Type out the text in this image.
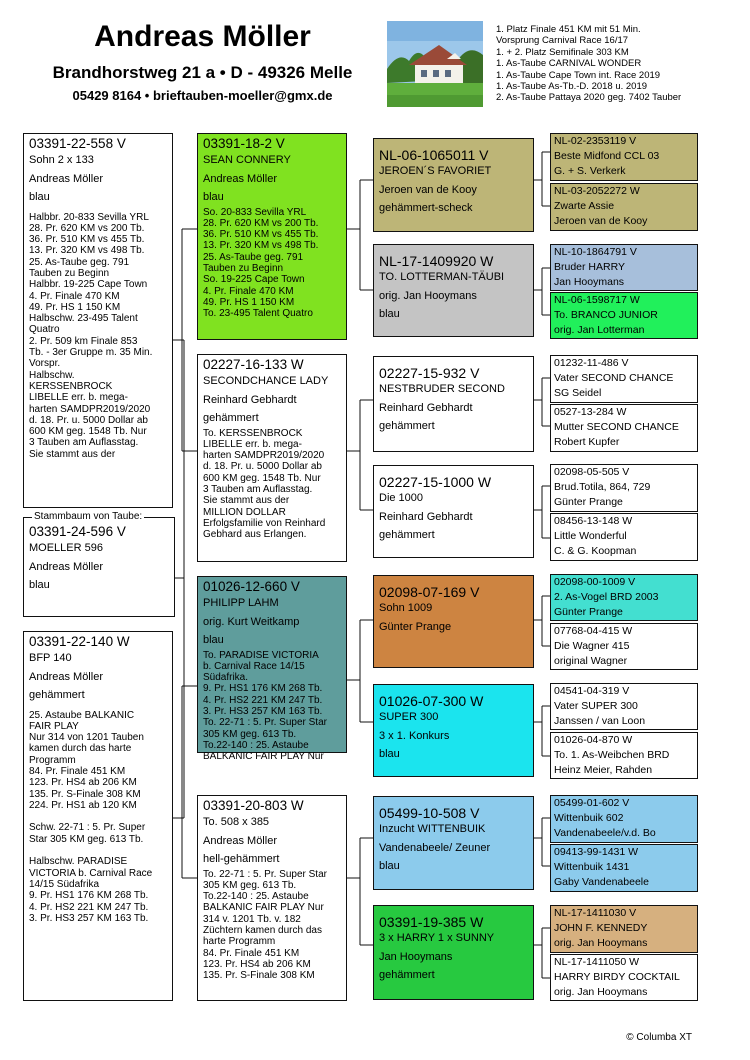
Andreas Möller
Brandhorstweg 21 a • D - 49326 Melle
05429 8164 • brieftauben-moeller@gmx.de
1. Platz Finale 451 KM mit 51 Min.
Vorsprung Carnival Race 16/17
1. + 2. Platz Semifinale 303 KM
1. As-Taube CARNIVAL WONDER
1. As-Taube Cape Town int. Race 2019
1. As-Taube As-Tb.-D. 2018 u. 2019
2. As-Taube Pattaya 2020 geg. 7402 Tauber
03391-22-558 V
Sohn 2 x 133
Andreas Möller
blau
Halbbr. 20-833 Sevilla YRL
28. Pr. 620 KM vs 200 Tb.
36. Pr. 510 KM vs 455 Tb.
13. Pr. 320 KM vs 498 Tb.
25. As-Taube geg. 791
Tauben zu Beginn
Halbbr. 19-225 Cape Town
4. Pr. Finale 470 KM
49. Pr. HS 1 150 KM
Halbschw. 23-495 Talent
Quatro
2. Pr. 509 km Finale 853
Tb. - 3er Gruppe m. 35 Min.
Vorspr.
Halbschw.
KERSSENBROCK
LIBELLE err. b. mega-
harten SAMDPR2019/2020
d. 18. Pr. u. 5000 Dollar ab
600 KM geg. 1548 Tb. Nur
3 Tauben am Auflasstag.
Sie stammt aus der
03391-24-596 V
MOELLER 596
Andreas Möller
blau
Stammbaum von Taube:
03391-22-140 W
BFP 140
Andreas Möller
gehämmert
25. Astaube BALKANIC
FAIR PLAY
Nur 314 von 1201 Tauben
kamen durch das harte
Programm
84. Pr. Finale 451 KM
123. Pr. HS4 ab 206 KM
135. Pr. S-Finale 308 KM
224. Pr. HS1 ab 120 KM

Schw. 22-71 : 5. Pr. Super
Star 305 KM geg. 613 Tb.

Halbschw. PARADISE
VICTORIA b. Carnival Race
14/15 Südafrika
9. Pr. HS1 176 KM 268 Tb.
4. Pr. HS2 221 KM 247 Tb.
3. Pr. HS3 257 KM 163 Tb.
03391-18-2 V
SEAN CONNERY
Andreas Möller
blau
So. 20-833 Sevilla YRL
28. Pr. 620 KM vs 200 Tb.
36. Pr. 510 KM vs 455 Tb.
13. Pr. 320 KM vs 498 Tb.
25. As-Taube geg. 791
Tauben zu Beginn
So. 19-225 Cape Town
4. Pr. Finale 470 KM
49. Pr. HS 1 150 KM
To. 23-495 Talent Quatro
02227-16-133 W
SECONDCHANCE LADY
Reinhard Gebhardt
gehämmert
To. KERSSENBROCK
LIBELLE err. b. mega-
harten SAMDPR2019/2020
d. 18. Pr. u. 5000 Dollar ab
600 KM geg. 1548 Tb. Nur
3 Tauben am Auflasstag.
Sie stammt aus der
MILLION DOLLAR
Erfolgsfamilie von Reinhard
Gebhard aus Erlangen.
01026-12-660 V
PHILIPP LAHM
orig. Kurt Weitkamp
blau
To. PARADISE VICTORIA
b. Carnival Race 14/15
Südafrika.
9. Pr. HS1 176 KM 268 Tb.
4. Pr. HS2 221 KM 247 Tb.
3. Pr. HS3 257 KM 163 Tb.
To. 22-71 : 5. Pr. Super Star
305 KM geg. 613 Tb.
To.22-140 : 25. Astaube
BALKANIC FAIR PLAY Nur
03391-20-803 W
To. 508 x 385
Andreas Möller
hell-gehämmert
To. 22-71 : 5. Pr. Super Star
305 KM geg. 613 Tb.
To.22-140 : 25. Astaube
BALKANIC FAIR PLAY Nur
314 v. 1201 Tb. v. 182
Züchtern kamen durch das
harte Programm
84. Pr. Finale 451 KM
123. Pr. HS4 ab 206 KM
135. Pr. S-Finale 308 KM
NL-06-1065011 V
JEROEN´S FAVORIET
Jeroen van de Kooy
gehämmert-scheck
NL-17-1409920 W
TO. LOTTERMAN-TÄUBI
orig. Jan Hooymans
blau
02227-15-932 V
NESTBRUDER SECOND
Reinhard Gebhardt
gehämmert
02227-15-1000 W
Die 1000
Reinhard Gebhardt
gehämmert
02098-07-169 V
Sohn 1009
Günter Prange
01026-07-300 W
SUPER 300
3 x 1. Konkurs
blau
05499-10-508 V
Inzucht WITTENBUIK
Vandenabeele/ Zeuner
blau
03391-19-385 W
3 x HARRY 1 x SUNNY
Jan Hooymans
gehämmert
NL-02-2353119 V
Beste Midfond CCL 03
G. + S. Verkerk
NL-03-2052272 W
Zwarte Assie
Jeroen van de Kooy
NL-10-1864791 V
Bruder HARRY
Jan Hooymans
NL-06-1598717 W
To. BRANCO JUNIOR
orig. Jan Lotterman
01232-11-486 V
Vater SECOND CHANCE
SG Seidel
0527-13-284 W
Mutter SECOND CHANCE
Robert Kupfer
02098-05-505 V
Brud.Totila, 864, 729
Günter Prange
08456-13-148 W
Little Wonderful
C. & G. Koopman
02098-00-1009 V
2. As-Vogel BRD 2003
Günter Prange
07768-04-415 W
Die Wagner 415
original Wagner
04541-04-319 V
Vater SUPER 300
Janssen / van Loon
01026-04-870 W
To. 1. As-Weibchen BRD
Heinz Meier, Rahden
05499-01-602 V
Wittenbuik 602
Vandenabeele/v.d. Bo
09413-99-1431 W
Wittenbuik 1431
Gaby Vandenabeele
NL-17-1411030 V
JOHN F. KENNEDY
orig. Jan Hooymans
NL-17-1411050 W
HARRY BIRDY COCKTAIL
orig. Jan Hooymans
© Columba XT
